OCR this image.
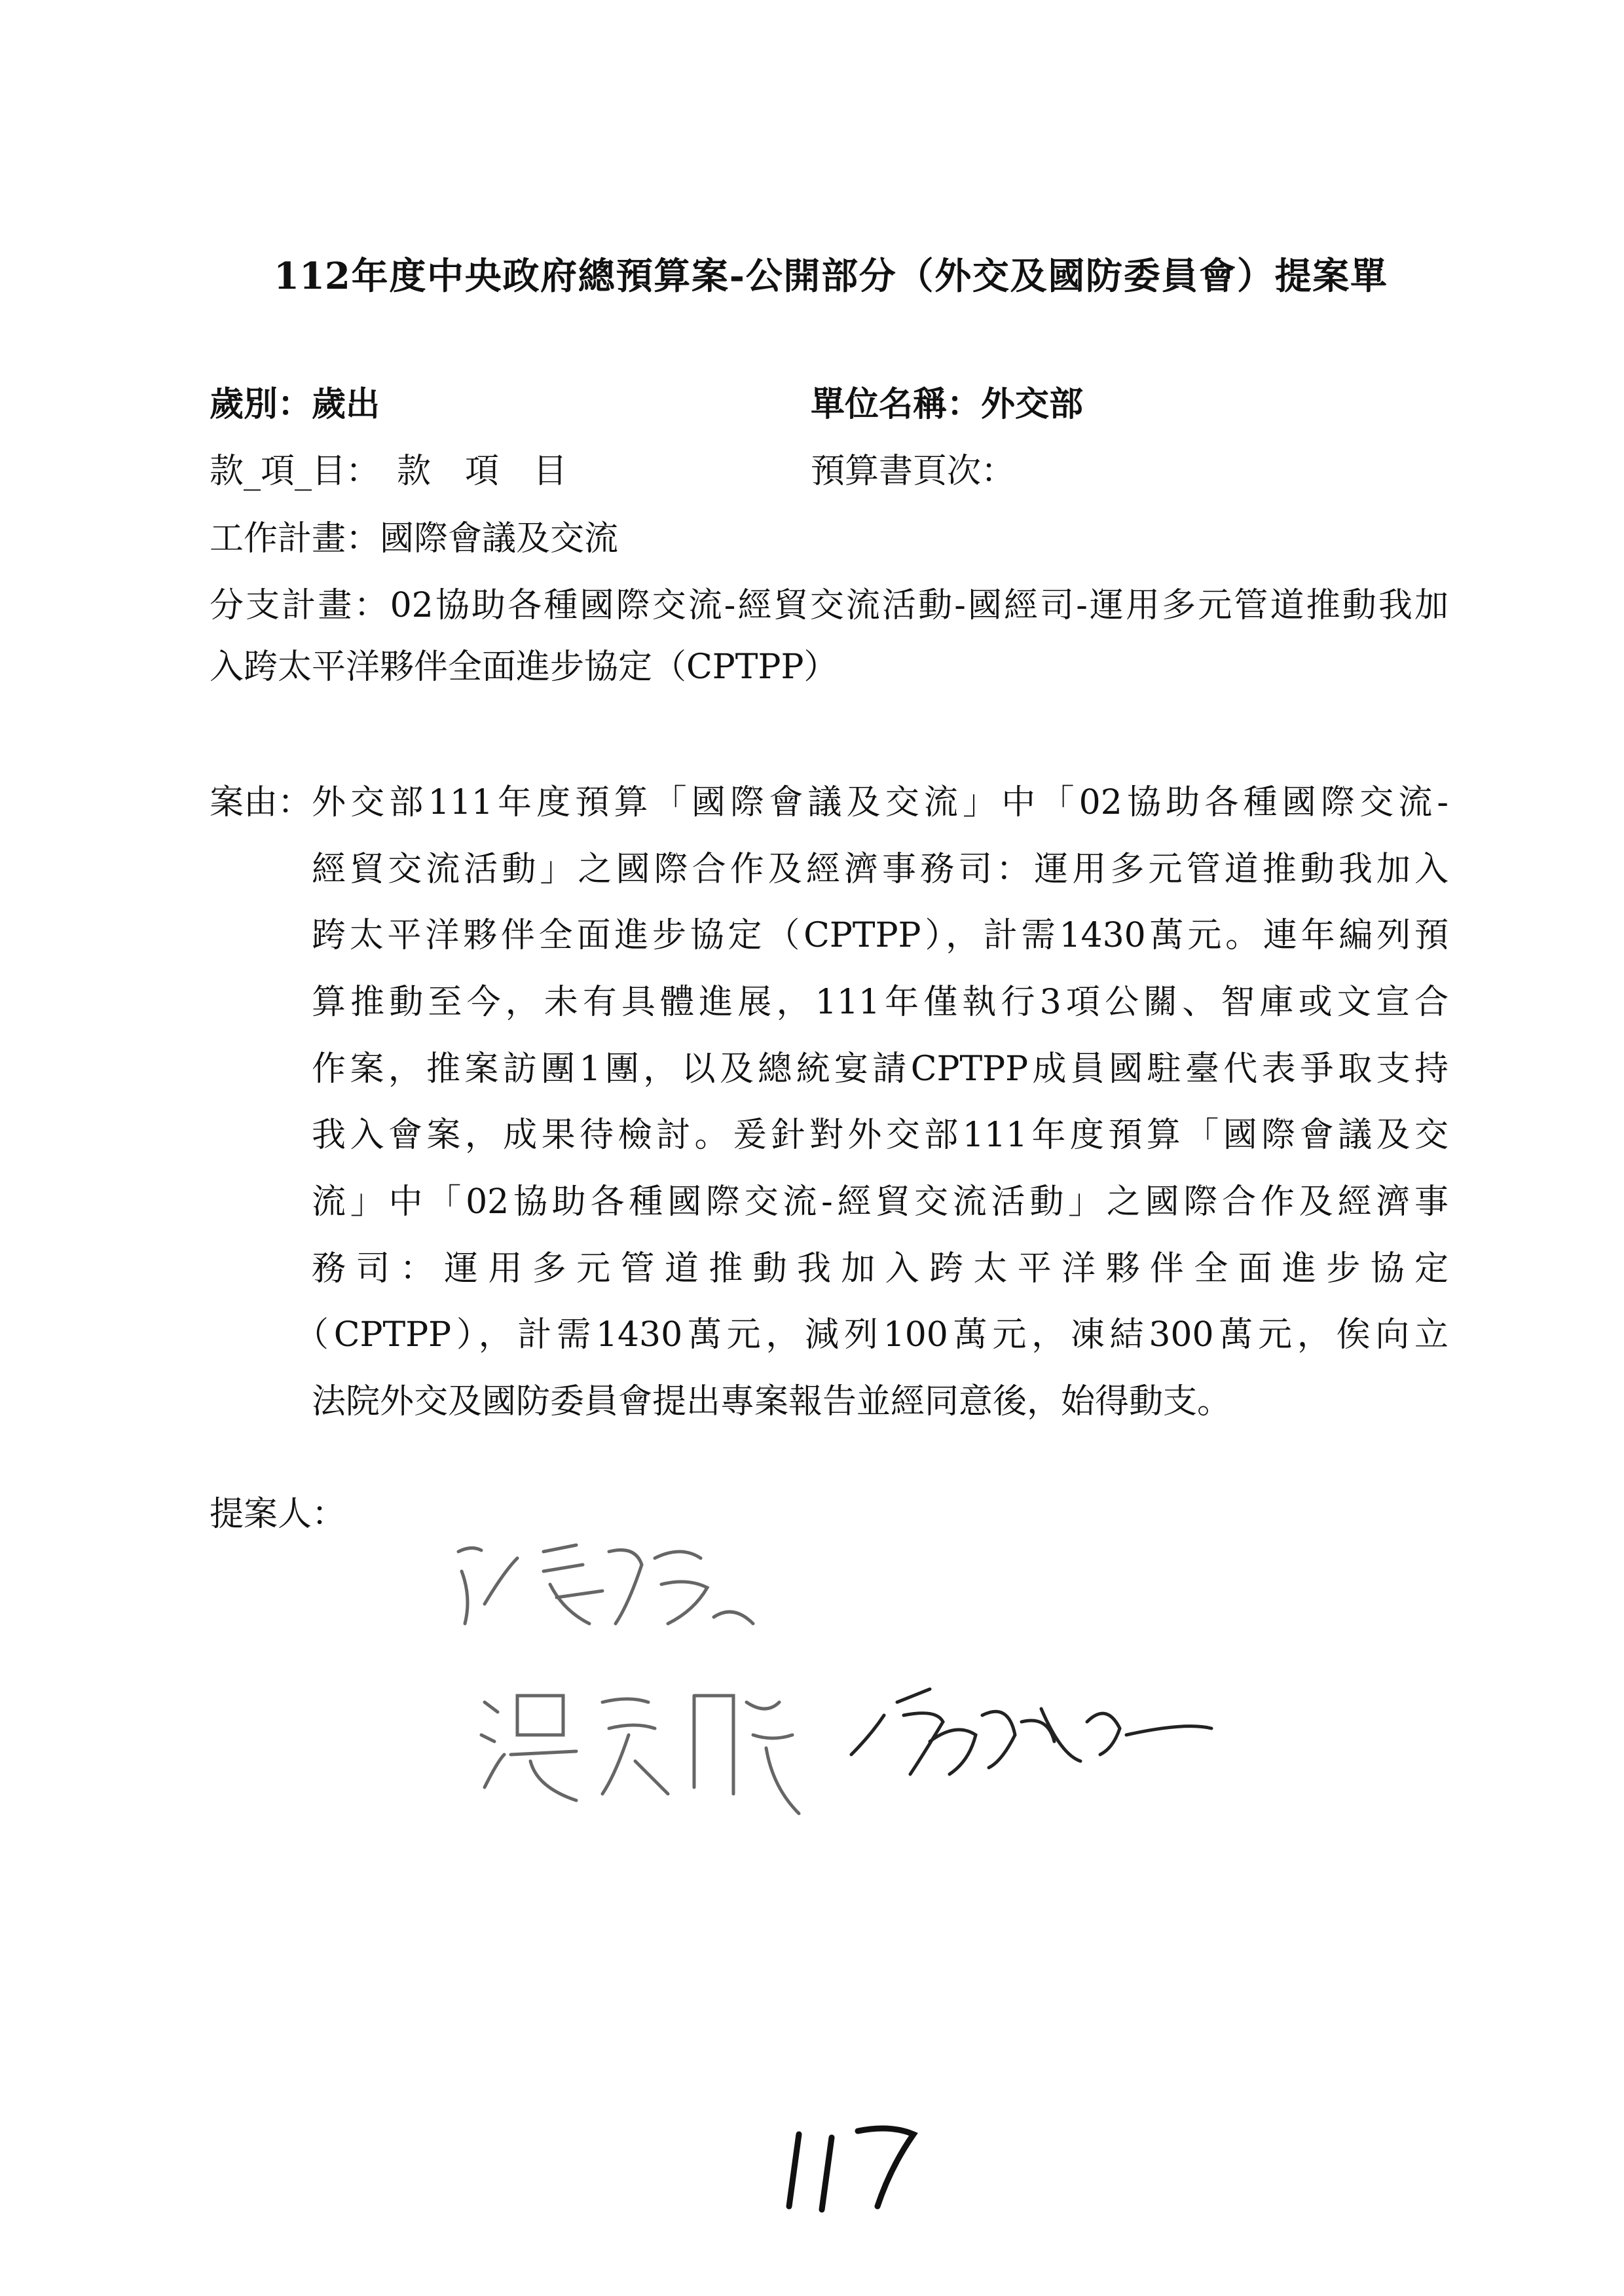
112年度中央政府總預算案-公開部分（外交及國防委員會）提案單
歲別：歲出	單位名稱：外交部
款_項_目：　款　項　目	預算書頁次：
工作計畫：國際會議及交流
分支計畫：02協助各種國際交流-經貿交流活動-國經司-運用多元管道推動我加
入跨太平洋夥伴全面進步協定（CPTPP）
案由： 外交部111年度預算「國際會議及交流」中「02協助各種國際交流-
經貿交流活動」之國際合作及經濟事務司：運用多元管道推動我加入
跨太平洋夥伴全面進步協定（CPTPP），計需1430萬元。連年編列預
算推動至今，未有具體進展，111年僅執行3項公關、智庫或文宣合
作案，推案訪團1團，以及總統宴請CPTPP成員國駐臺代表爭取支持
我入會案，成果待檢討。爰針對外交部111年度預算「國際會議及交
流」中「02協助各種國際交流-經貿交流活動」之國際合作及經濟事
務司：運用多元管道推動我加入跨太平洋夥伴全面進步協定
（CPTPP），計需1430萬元，減列100萬元，凍結300萬元，俟向立
法院外交及國防委員會提出專案報告並經同意後，始得動支。
提案人：
